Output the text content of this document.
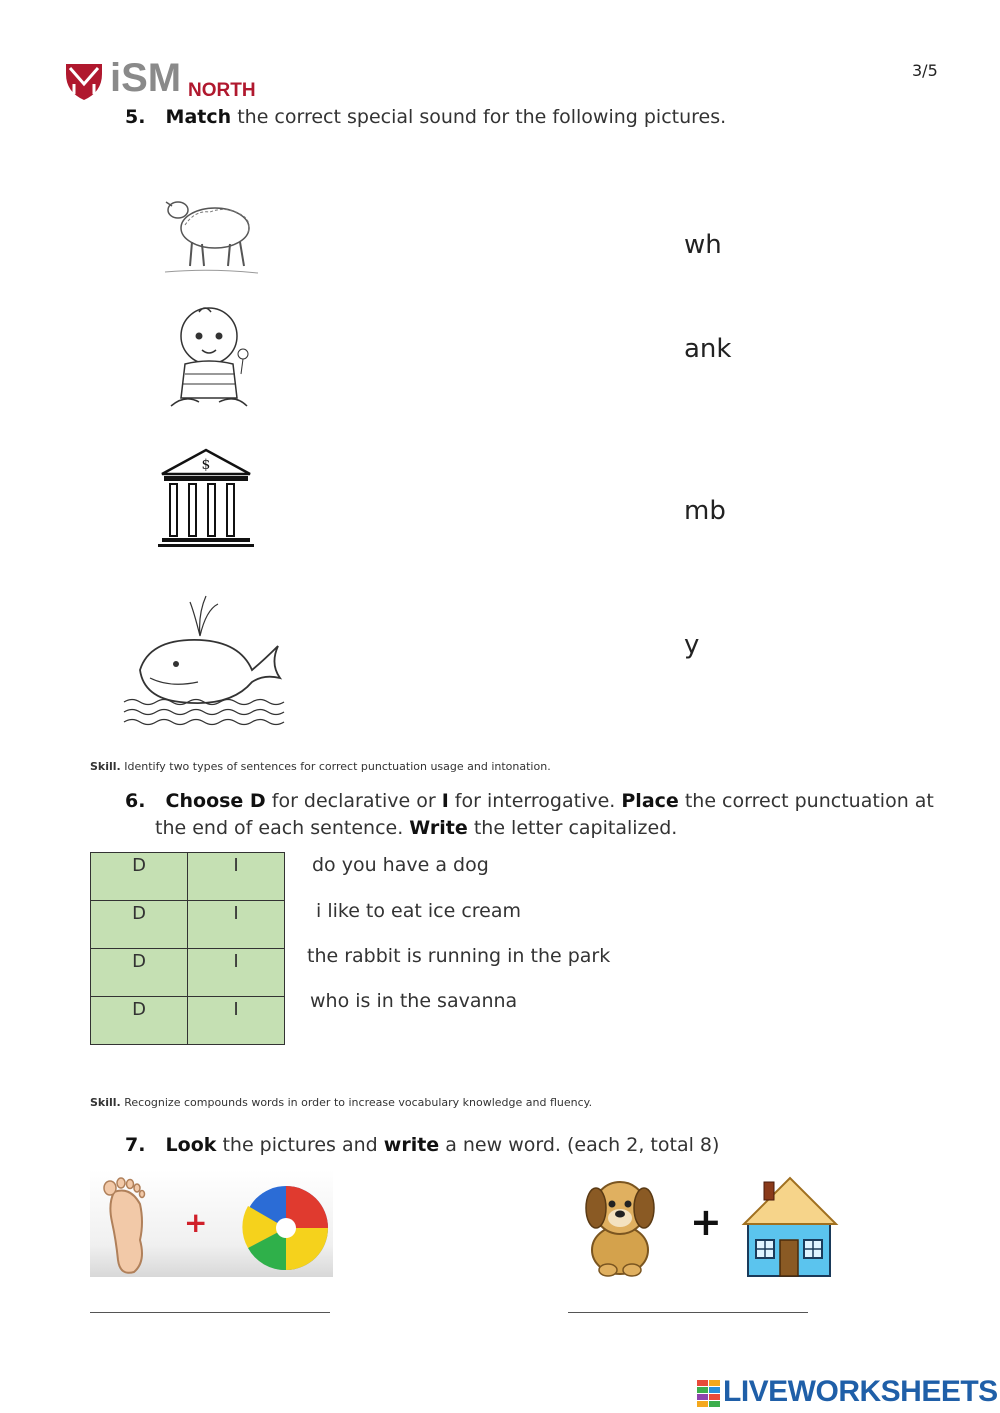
iSM NORTH
3/5
5. Match the correct special sound for the following pictures.
wh
ank
$
mb
y
Skill. Identify two types of sentences for correct punctuation usage and intonation.
6. Choose D for declarative or I for interrogative. Place the correct punctuation at
the end of each sentence. Write the letter capitalized.
D	I
D	I
D	I
D	I
do you have a dog
i like to eat ice cream
the rabbit is running in the park
who is in the savanna
Skill. Recognize compounds words in order to increase vocabulary knowledge and fluency.
7. Look the pictures and write a new word. (each 2, total 8)
+	+
LIVEWORKSHEETS
